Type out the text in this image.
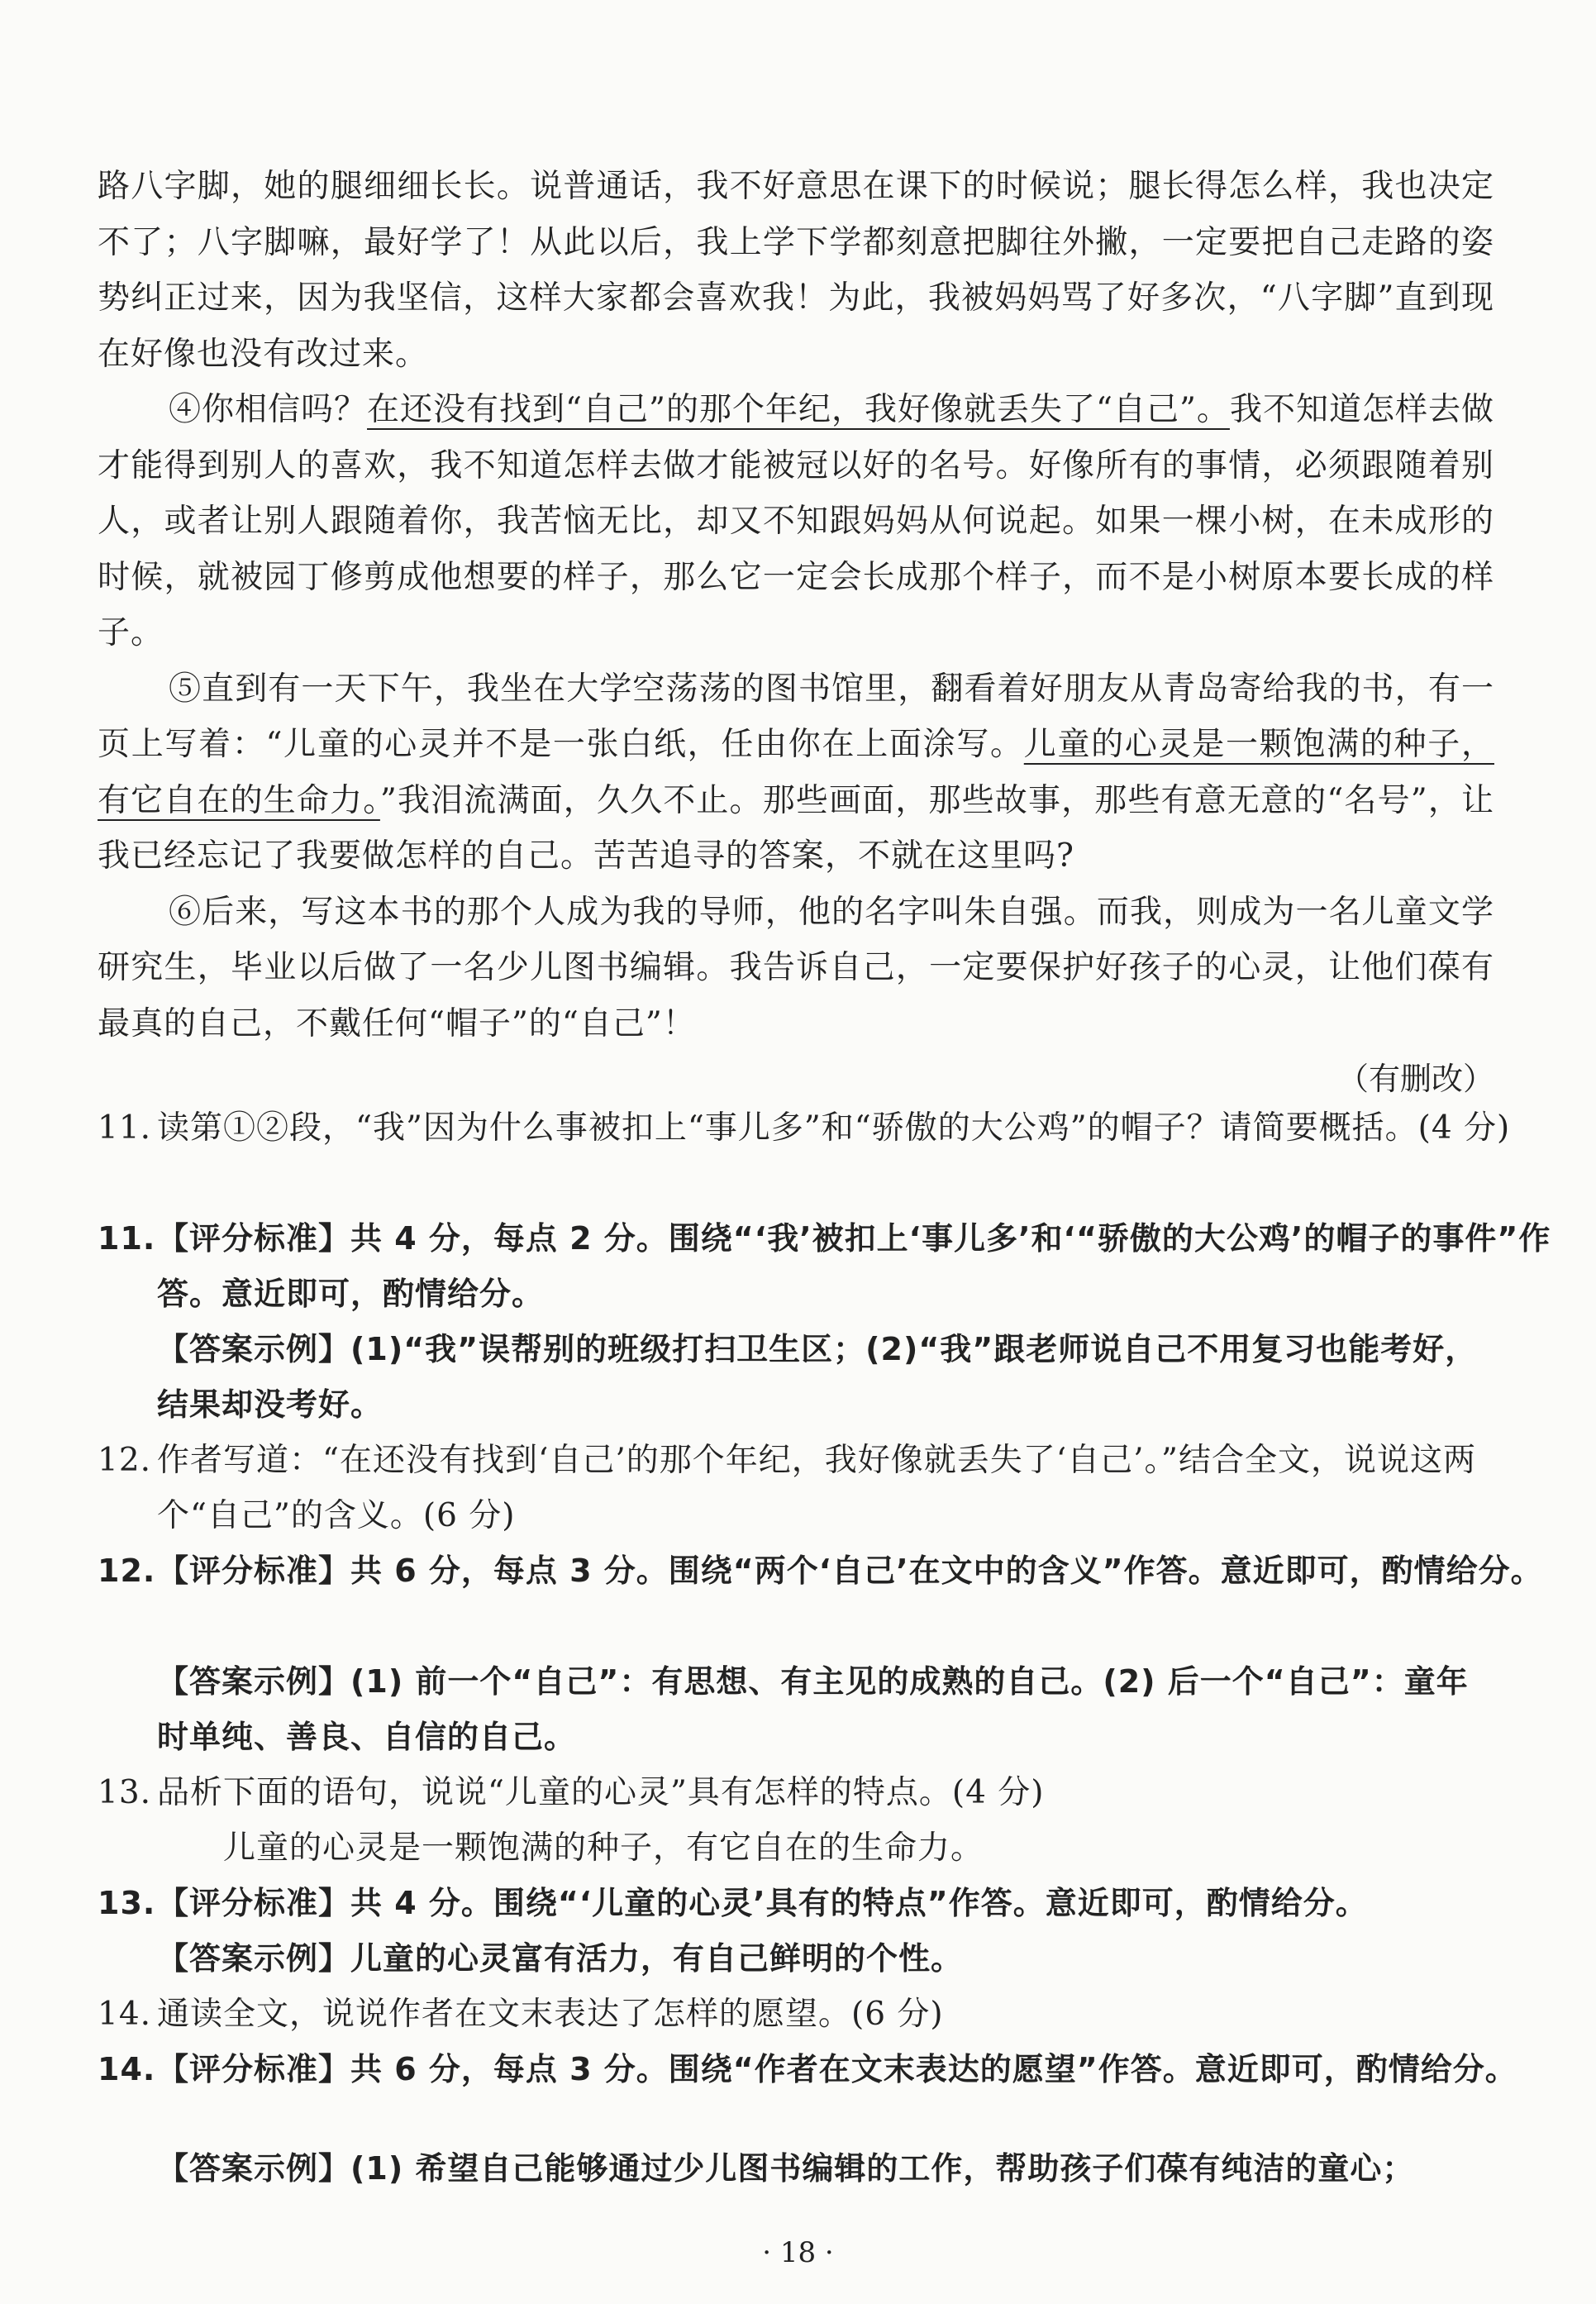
路八字脚，她的腿细细长长。说普通话，我不好意思在课下的时候说；腿长得怎么样，我也决定不了；八字脚嘛，最好学了！从此以后，我上学下学都刻意把脚往外撇，一定要把自己走路的姿势纠正过来，因为我坚信，这样大家都会喜欢我！为此，我被妈妈骂了好多次，“八字脚”直到现在好像也没有改过来。

④你相信吗？在还没有找到“自己”的那个年纪，我好像就丢失了“自己”。我不知道怎样去做才能得到别人的喜欢，我不知道怎样去做才能被冠以好的名号。好像所有的事情，必须跟随着别人，或者让别人跟随着你，我苦恼无比，却又不知跟妈妈从何说起。如果一棵小树，在未成形的时候，就被园丁修剪成他想要的样子，那么它一定会长成那个样子，而不是小树原本要长成的样子。

⑤直到有一天下午，我坐在大学空荡荡的图书馆里，翻看着好朋友从青岛寄给我的书，有一页上写着：“儿童的心灵并不是一张白纸，任由你在上面涂写。儿童的心灵是一颗饱满的种子，有它自在的生命力。”我泪流满面，久久不止。那些画面，那些故事，那些有意无意的“名号”，让我已经忘记了我要做怎样的自己。苦苦追寻的答案，不就在这里吗?

⑥后来，写这本书的那个人成为我的导师，他的名字叫朱自强。而我，则成为一名儿童文学研究生，毕业以后做了一名少儿图书编辑。我告诉自己，一定要保护好孩子的心灵，让他们葆有最真的自己，不戴任何“帽子”的“自己”！

（有删改）

11. 读第①②段，“我”因为什么事被扣上“事儿多”和“骄傲的大公鸡”的帽子？请简要概括。(4 分)

11.【评分标准】共 4 分，每点 2 分。围绕“‘我’被扣上‘事儿多’和‘“骄傲的大公鸡’的帽子的事件”作答。意近即可，酌情给分。

【答案示例】(1)“我”误帮别的班级打扫卫生区；(2)“我”跟老师说自己不用复习也能考好，结果却没考好。

12. 作者写道：“在还没有找到‘自己’的那个年纪，我好像就丢失了‘自己’。”结合全文，说说这两个“自己”的含义。(6 分)

12.【评分标准】共 6 分，每点 3 分。围绕“两个‘自己’在文中的含义”作答。意近即可，酌情给分。

【答案示例】(1) 前一个“自己”：有思想、有主见的成熟的自己。(2) 后一个“自己”：童年时单纯、善良、自信的自己。

13. 品析下面的语句，说说“儿童的心灵”具有怎样的特点。(4 分)

儿童的心灵是一颗饱满的种子，有它自在的生命力。

13.【评分标准】共 4 分。围绕“‘儿童的心灵’具有的特点”作答。意近即可，酌情给分。

【答案示例】儿童的心灵富有活力，有自己鲜明的个性。

14. 通读全文，说说作者在文末表达了怎样的愿望。(6 分)

14.【评分标准】共 6 分，每点 3 分。围绕“作者在文末表达的愿望”作答。意近即可，酌情给分。

【答案示例】(1) 希望自己能够通过少儿图书编辑的工作，帮助孩子们葆有纯洁的童心；

· 18 ·
